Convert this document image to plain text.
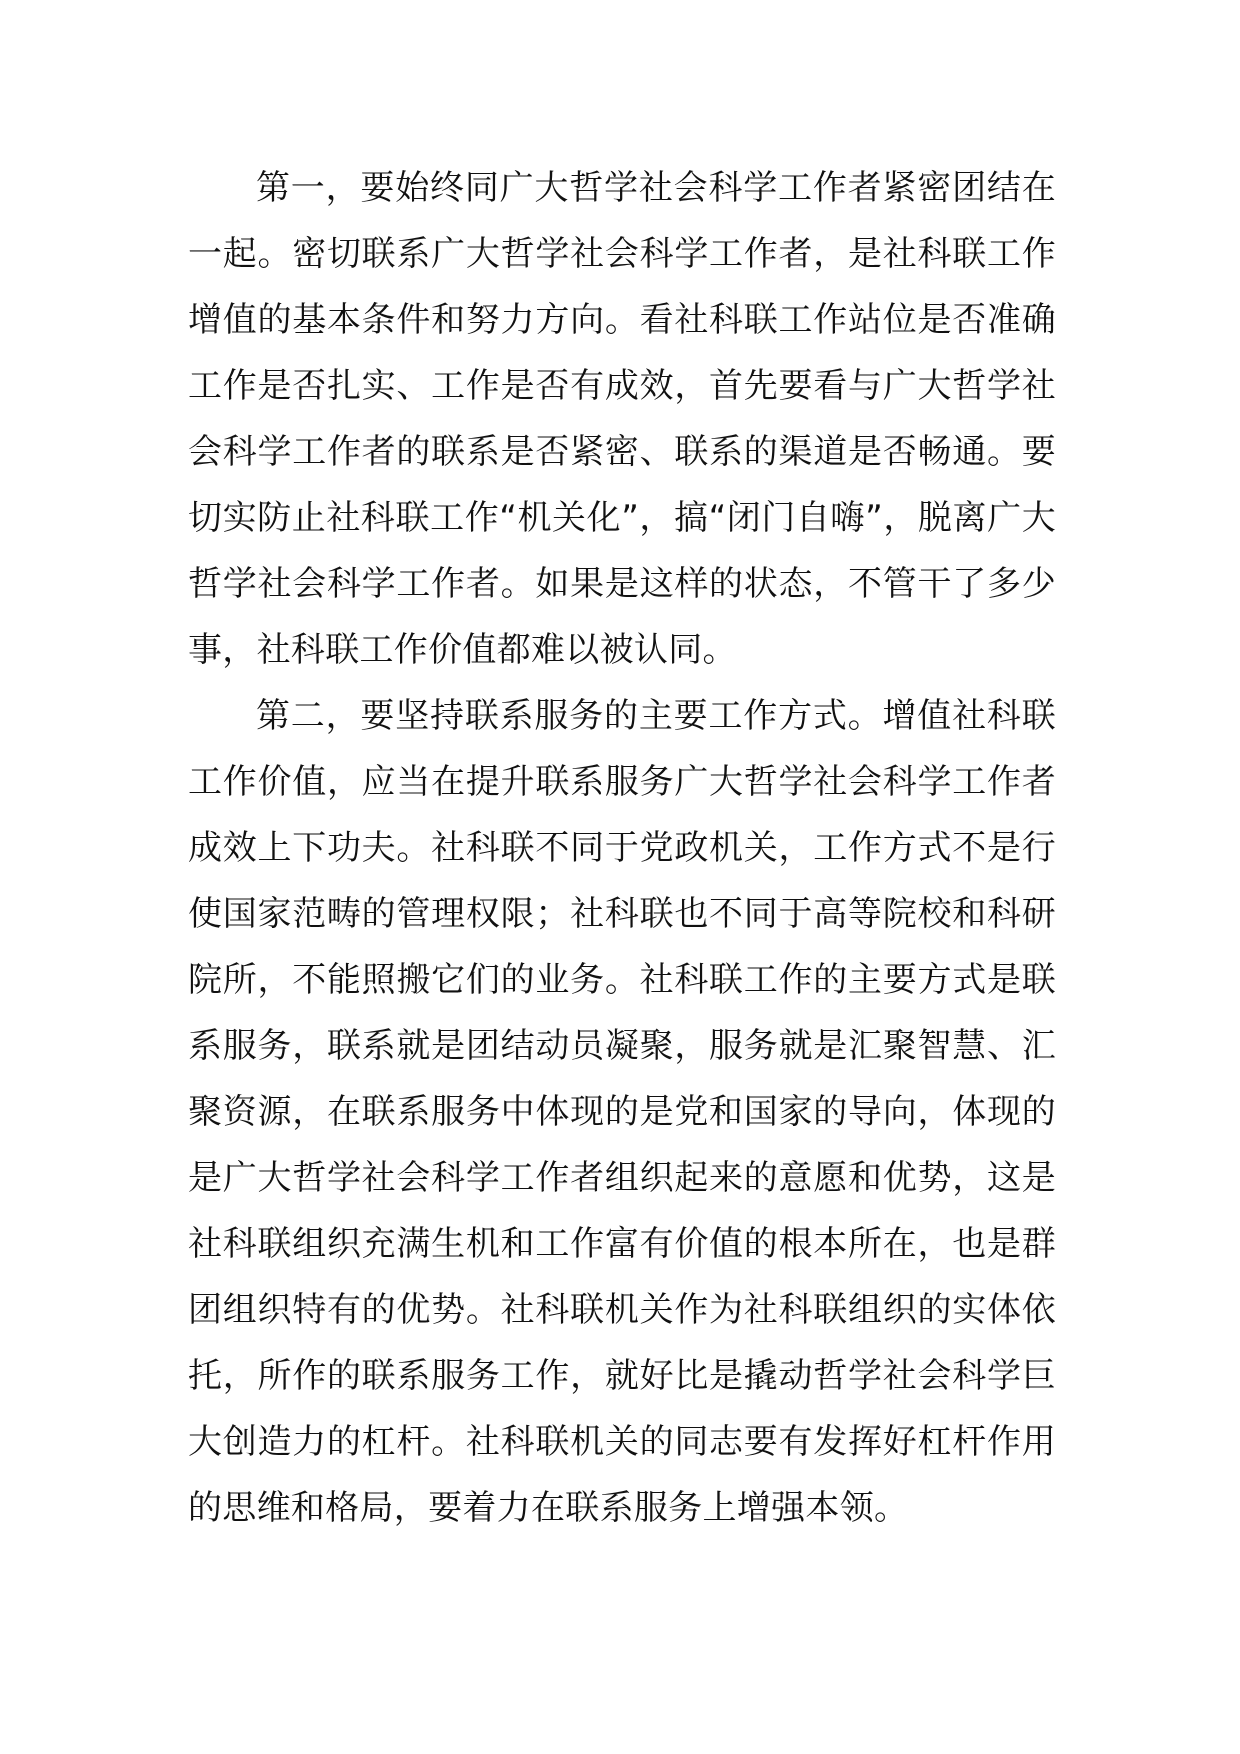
第一，要始终同广大哲学社会科学工作者紧密团结在一起。密切联系广大哲学社会科学工作者，是社科联工作增值的基本条件和努力方向。看社科联工作站位是否准确工作是否扎实、工作是否有成效，首先要看与广大哲学社会科学工作者的联系是否紧密、联系的渠道是否畅通。要切实防止社科联工作“机关化”，搞“闭门自嗨”，脱离广大哲学社会科学工作者。如果是这样的状态，不管干了多少事，社科联工作价值都难以被认同。

第二，要坚持联系服务的主要工作方式。增值社科联工作价值，应当在提升联系服务广大哲学社会科学工作者成效上下功夫。社科联不同于党政机关，工作方式不是行使国家范畴的管理权限；社科联也不同于高等院校和科研院所，不能照搬它们的业务。社科联工作的主要方式是联系服务，联系就是团结动员凝聚，服务就是汇聚智慧、汇聚资源，在联系服务中体现的是党和国家的导向，体现的是广大哲学社会科学工作者组织起来的意愿和优势，这是社科联组织充满生机和工作富有价值的根本所在，也是群团组织特有的优势。社科联机关作为社科联组织的实体依托，所作的联系服务工作，就好比是撬动哲学社会科学巨大创造力的杠杆。社科联机关的同志要有发挥好杠杆作用的思维和格局，要着力在联系服务上增强本领。
